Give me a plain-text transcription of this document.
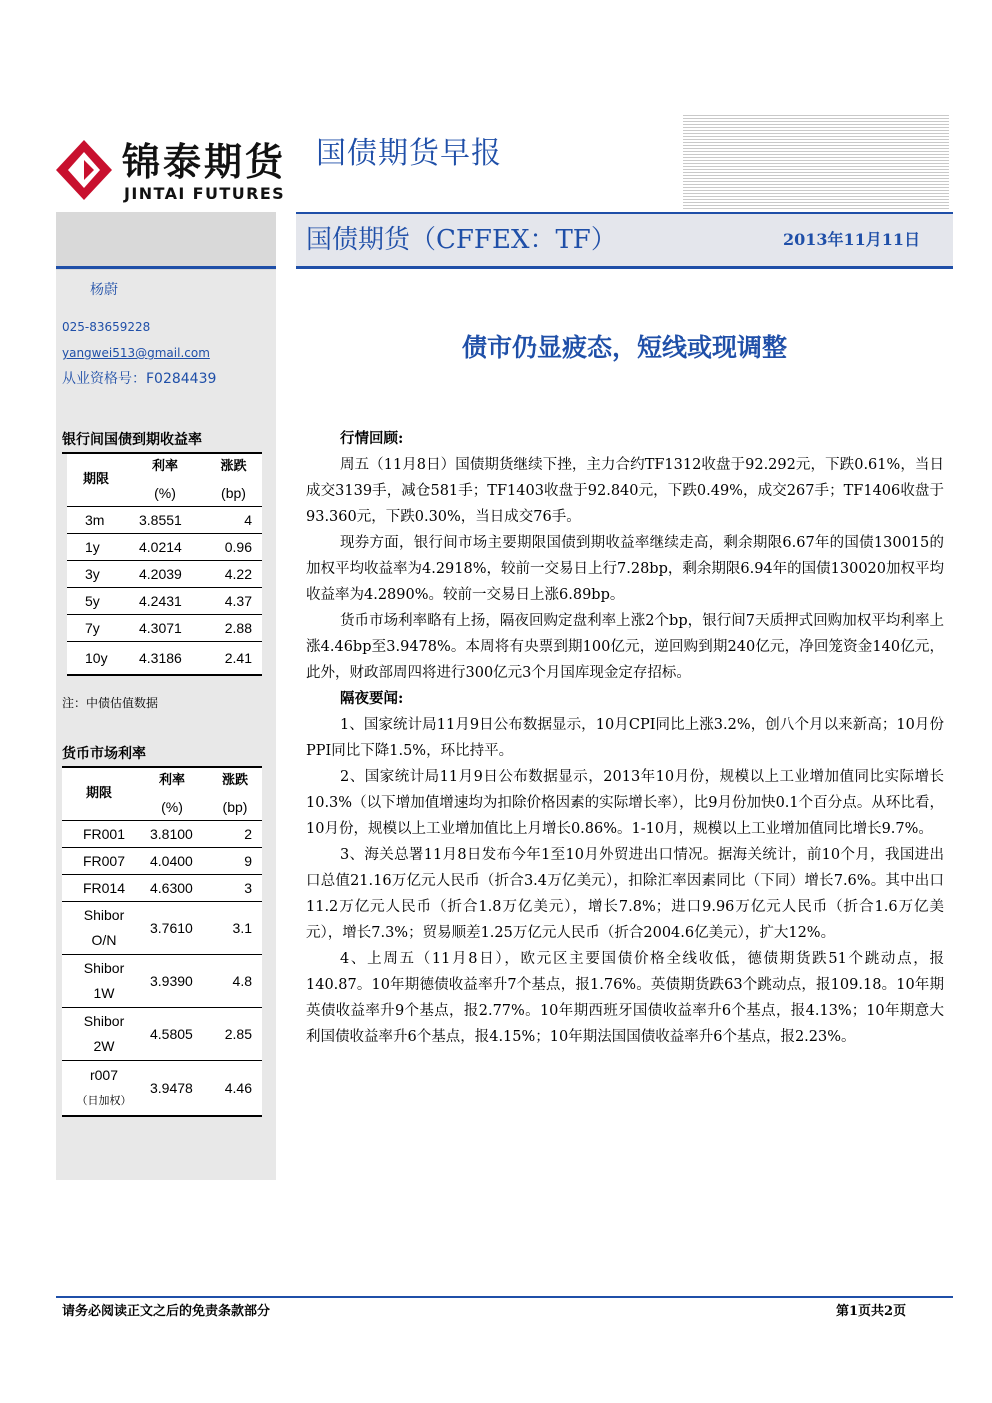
锦泰期货
JINTAI FUTURES
国债期货早报
国债期货（CFFEX：TF）	2013年11月11日
杨蔚
025-83659228
yangwei513@gmail.com
从业资格号：F0284439
银行间国债到期收益率
期限	利率	涨跌
	(%)	(bp)
3m	3.8551	4
1y	4.0214	0.96
3y	4.2039	4.22
5y	4.2431	4.37
7y	4.3071	2.88
10y	4.3186	2.41
注：中债估值数据
货币市场利率
期限	利率	涨跌
	(%)	(bp)
FR001	3.8100	2
FR007	4.0400	9
FR014	4.6300	3

Shibor
O/N	3.7610	3.1

Shibor
1W	3.9390	4.8

Shibor
2W	4.5805	2.85

r007
（日加权）	3.9478	4.46
债市仍显疲态，短线或现调整
行情回顾:

周五（11月8日）国债期货继续下挫，主力合约TF1312收盘于92.292元，下跌0.61%，当日成交3139手，减仓581手；TF1403收盘于92.840元，下跌0.49%，成交267手；TF1406收盘于93.360元，下跌0.30%，当日成交76手。

现券方面，银行间市场主要期限国债到期收益率继续走高，剩余期限6.67年的国债130015的加权平均收益率为4.2918%，较前一交易日上行7.28bp，剩余期限6.94年的国债130020加权平均收益率为4.2890%。较前一交易日上涨6.89bp。

货币市场利率略有上扬，隔夜回购定盘利率上涨2个bp，银行间7天质押式回购加权平均利率上涨4.46bp至3.9478%。本周将有央票到期100亿元，逆回购到期240亿元，净回笼资金140亿元，此外，财政部周四将进行300亿元3个月国库现金定存招标。

隔夜要闻:

1、国家统计局11月9日公布数据显示，10月CPI同比上涨3.2%，创八个月以来新高；10月份PPI同比下降1.5%，环比持平。

2、国家统计局11月9日公布数据显示，2013年10月份，规模以上工业增加值同比实际增长10.3%（以下增加值增速均为扣除价格因素的实际增长率），比9月份加快0.1个百分点。从环比看，10月份，规模以上工业增加值比上月增长0.86%。1-10月，规模以上工业增加值同比增长9.7%。

3、海关总署11月8日发布今年1至10月外贸进出口情况。据海关统计，前10个月，我国进出口总值21.16万亿元人民币（折合3.4万亿美元），扣除汇率因素同比（下同）增长7.6%。其中出口11.2万亿元人民币（折合1.8万亿美元），增长7.8%；进口9.96万亿元人民币（折合1.6万亿美元），增长7.3%；贸易顺差1.25万亿元人民币（折合2004.6亿美元），扩大12%。

4、上周五（11月8日），欧元区主要国债价格全线收低，德债期货跌51个跳动点，报140.87。10年期德债收益率升7个基点，报1.76%。英债期货跌63个跳动点，报109.18。10年期英债收益率升9个基点，报2.77%。10年期西班牙国债收益率升6个基点，报4.13%；10年期意大利国债收益率升6个基点，报4.15%；10年期法国国债收益率升6个基点，报2.23%。

请务必阅读正文之后的免责条款部分	第1页共2页
